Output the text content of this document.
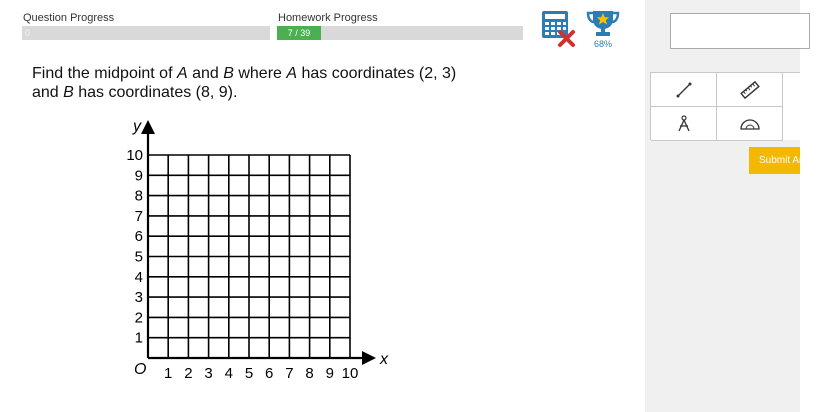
Question Progress
0
Homework Progress
7 / 39
68%
Find the midpoint of A and B where A has coordinates (2, 3)
and B has coordinates (8, 9).
y
x
O 1 2 3 4 5 6 7 8 9 10
1
2
3
4
5
6
7
8
9
10	Submit Answer
